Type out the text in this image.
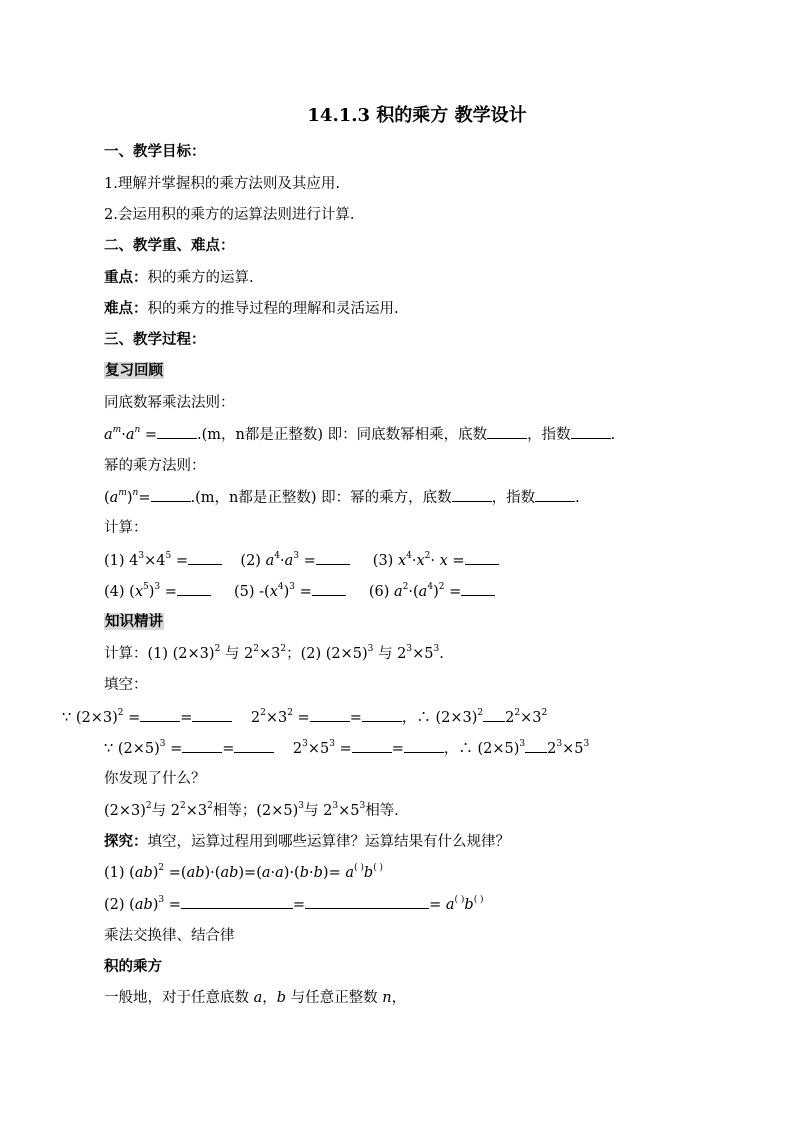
14.1.3 积的乘方 教学设计
一、教学目标：
1.理解并掌握积的乘方法则及其应用.
2.会运用积的乘方的运算法则进行计算.
二、教学重、难点：
重点：积的乘方的运算.
难点：积的乘方的推导过程的理解和灵活运用.
三、教学过程：
复习回顾
同底数幂乘法法则：
$a^m\cdot a^n$ =	.(m，n都是正整数) 即：同底数幂相乘，底数	，指数	.
幂的乘方法则：
$(a^m)^n=$	.(m，n都是正整数) 即：幂的乘方，底数	，指数	.
计算：
(1) $4^3\times 4^5$ =	(2) $a^4\cdot a^3$ =	(3) $x^4\cdot x^2\cdot x$ =
(4) $(x^5)^3$ =	(5) $-(x^4)^3$ =	(6) $a^2\cdot(a^4)^2$ =
知识精讲
计算：(1) $(2\times 3)^2$ 与 $2^2\times 3^2$；(2) $(2\times 5)^3$ 与 $2^3\times 5^3$.
填空：
∵ $(2\times 3)^2$ =	=	$2^2\times 3^2$ =	=	，∴ $(2\times 3)^2$ $2^2\times 3^2$
∵ $(2\times 5)^3$ =	=	$2^3\times 5^3$ =	=	，∴ $(2\times 5)^3$ $2^3\times 5^3$
你发现了什么？
$(2\times 3)^2$与 $2^2\times 3^2$相等；$(2\times 5)^3$与 $2^3\times 5^3$相等.
探究：填空，运算过程用到哪些运算律？运算结果有什么规律？
(1) (ab)$^2$ =(ab)·(ab)=(a·a)·(b·b)= a( )b( )
(2) (ab)$^3$ =	=	= a( )b( )
乘法交换律、结合律
积的乘方
一般地，对于任意底数 a，b 与任意正整数 n，
